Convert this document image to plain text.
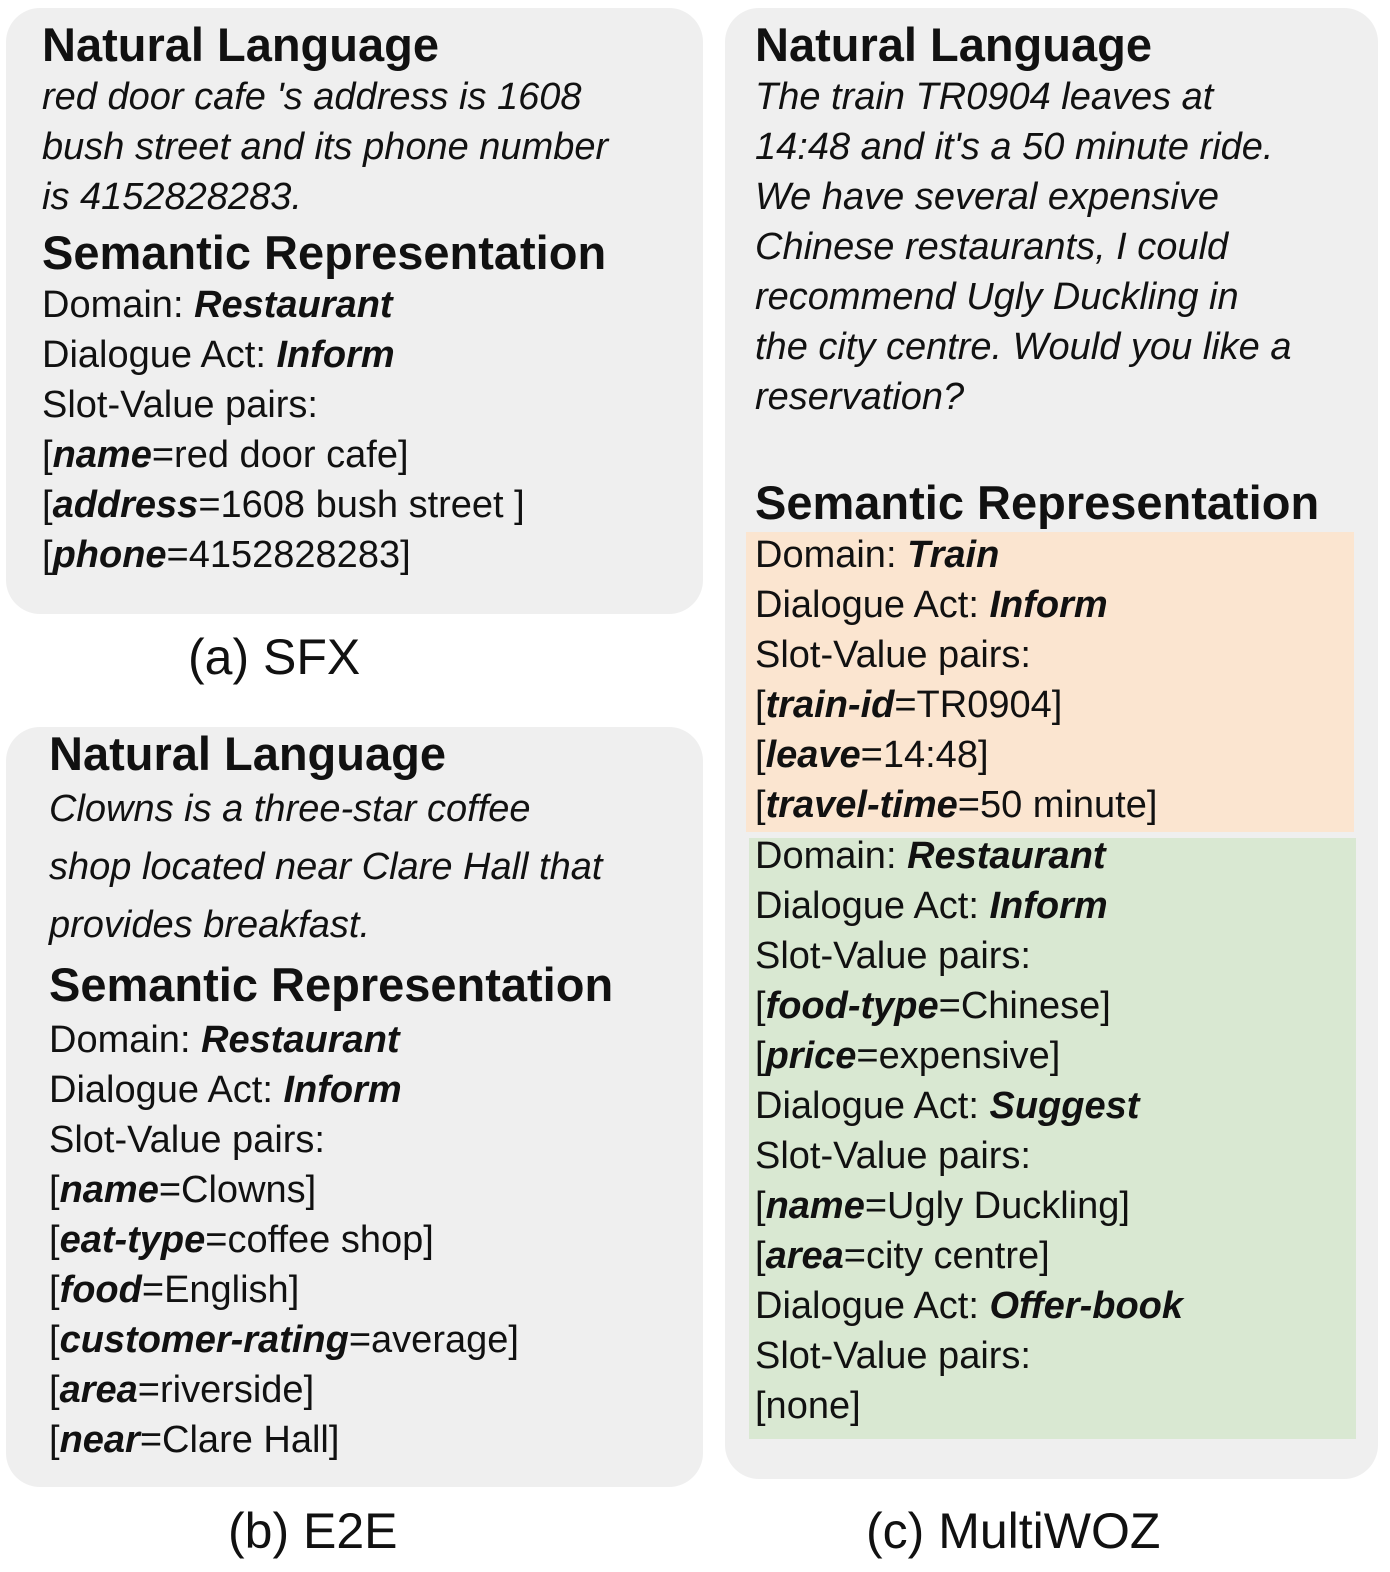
Natural Language
red door cafe 's address is 1608
bush street and its phone number
is 4152828283.
Semantic Representation
Domain: Restaurant
Dialogue Act: Inform
Slot-Value pairs:
[name=red door cafe]
[address=1608 bush street ]
[phone=4152828283]
(a) SFX
Natural Language
Clowns is a three-star coffee
shop located near Clare Hall that
provides breakfast.
Semantic Representation
Domain: Restaurant
Dialogue Act: Inform
Slot-Value pairs:
[name=Clowns]
[eat-type=coffee shop]
[food=English]
[customer-rating=average]
[area=riverside]
[near=Clare Hall]
(b) E2E
Natural Language
The train TR0904 leaves at
14:48 and it's a 50 minute ride.
We have several expensive
Chinese restaurants, I could
recommend Ugly Duckling in
the city centre. Would you like a
reservation?
Semantic Representation
Domain: Train
Dialogue Act: Inform
Slot-Value pairs:
[train-id=TR0904]
[leave=14:48]
[travel-time=50 minute]
Domain: Restaurant
Dialogue Act: Inform
Slot-Value pairs:
[food-type=Chinese]
[price=expensive]
Dialogue Act: Suggest
Slot-Value pairs:
[name=Ugly Duckling]
[area=city centre]
Dialogue Act: Offer-book
Slot-Value pairs:
[none]
(c) MultiWOZ
